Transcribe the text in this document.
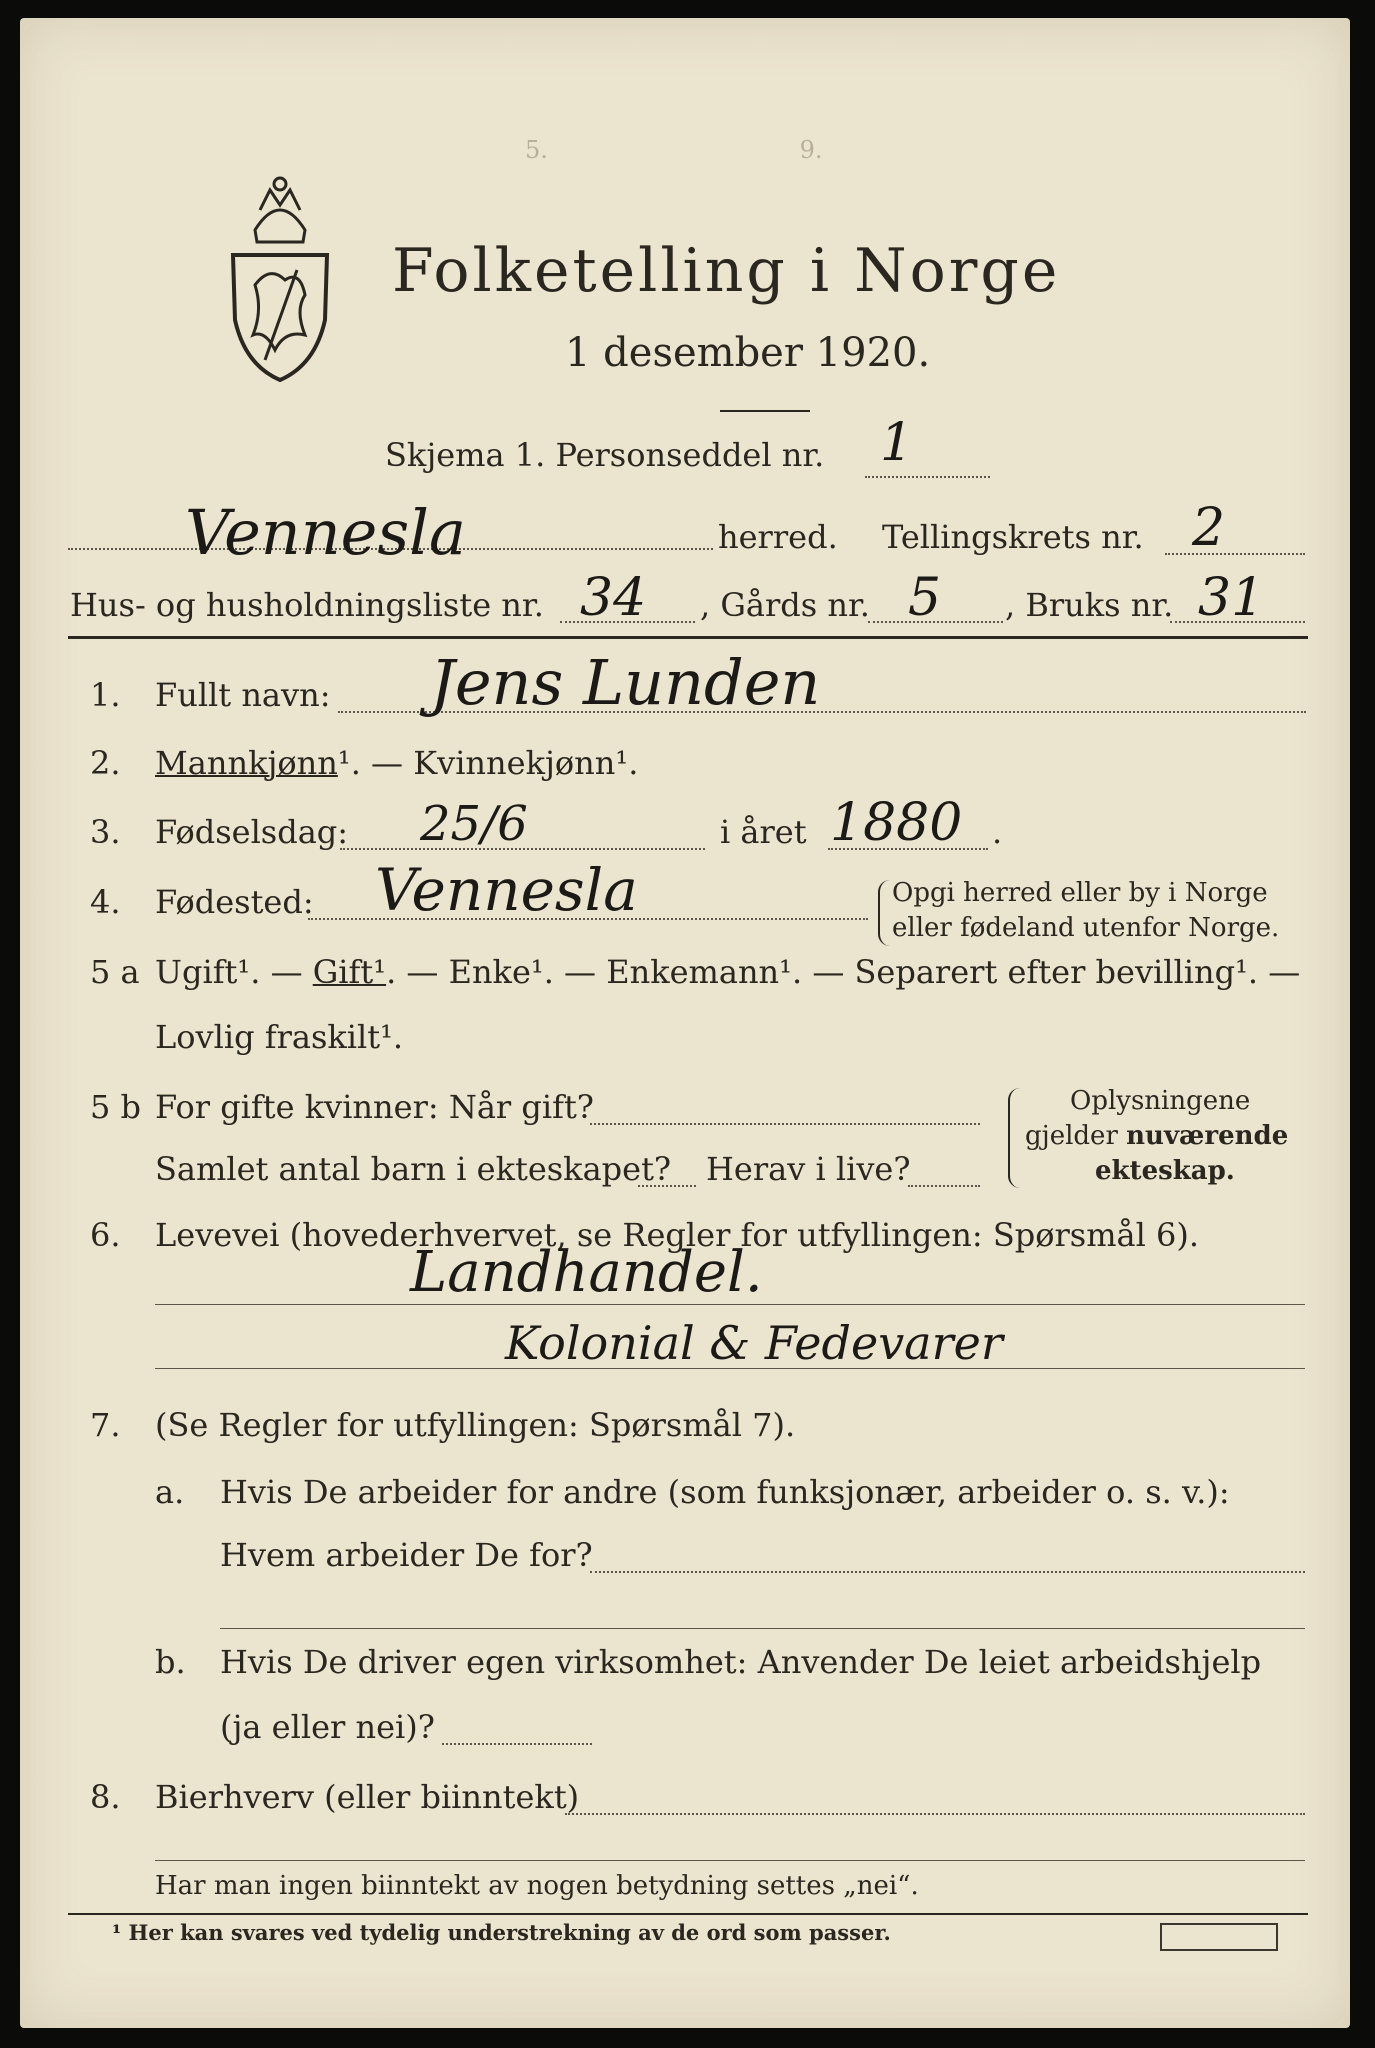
Folketelling i Norge
1 desember 1920.
Skjema 1. Personseddel nr. 1
Vennesla	herred. Tellingskrets nr. 2
Hus- og husholdningsliste nr. 34 , Gårds nr. 5 , Bruks nr. 31
1. Fullt navn: Jens Lunden
2. Mannkjønn¹. — Kvinnekjønn¹.
3. Fødselsdag: 25/6	i året 1880 .
4. Fødested: Vennesla	Opgi herred eller by i Norge
eller fødeland utenfor Norge.
5 a Ugift¹. — Gift¹. — Enke¹. — Enkemann¹. — Separert efter bevilling¹. —
Lovlig fraskilt¹.
5 b For gifte kvinner: Når gift?
Samlet antal barn i ekteskapet? Herav i live?
Oplysningene
gjelder nuværende
ekteskap.
6. Levevei (hovederhvervet, se Regler for utfyllingen: Spørsmål 6).
Landhandel.
Kolonial & Fedevarer
7. (Se Regler for utfyllingen: Spørsmål 7).
a. Hvis De arbeider for andre (som funksjonær, arbeider o. s. v.):
Hvem arbeider De for?
b. Hvis De driver egen virksomhet: Anvender De leiet arbeidshjelp
(ja eller nei)?
8. Bierhverv (eller biinntekt)
Har man ingen biinntekt av nogen betydning settes „nei“.
¹ Her kan svares ved tydelig understrekning av de ord som passer.

5.                                 9.
